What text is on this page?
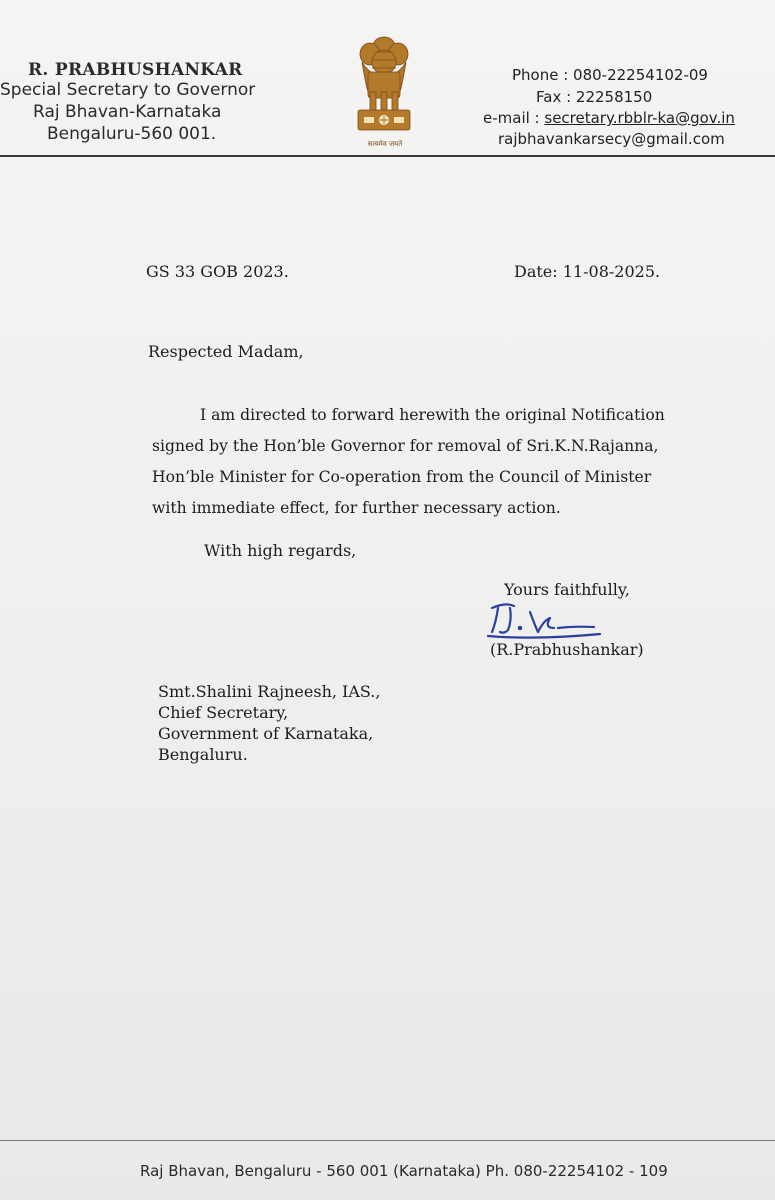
R. PRABHUSHANKAR
Special Secretary to Governor
Raj Bhavan-Karnataka
Bengaluru-560 001.	सत्यमेव जयते
Phone : 080-22254102-09
Fax : 22258150
e-mail : secretary.rbblr-ka@gov.in
rajbhavankarsecy@gmail.com
GS 33 GOB 2023.	Date: 11-08-2025.
Respected Madam,
I am directed to forward herewith the original Notification
signed by the Hon’ble Governor for removal of Sri.K.N.Rajanna,
Hon’ble Minister for Co-operation from the Council of Minister
with immediate effect, for further necessary action.
With high regards,
Yours faithfully,
(R.Prabhushankar)
Smt.Shalini Rajneesh, IAS.,
Chief Secretary,
Government of Karnataka,
Bengaluru.
Raj Bhavan, Bengaluru - 560 001 (Karnataka) Ph. 080-22254102 - 109
